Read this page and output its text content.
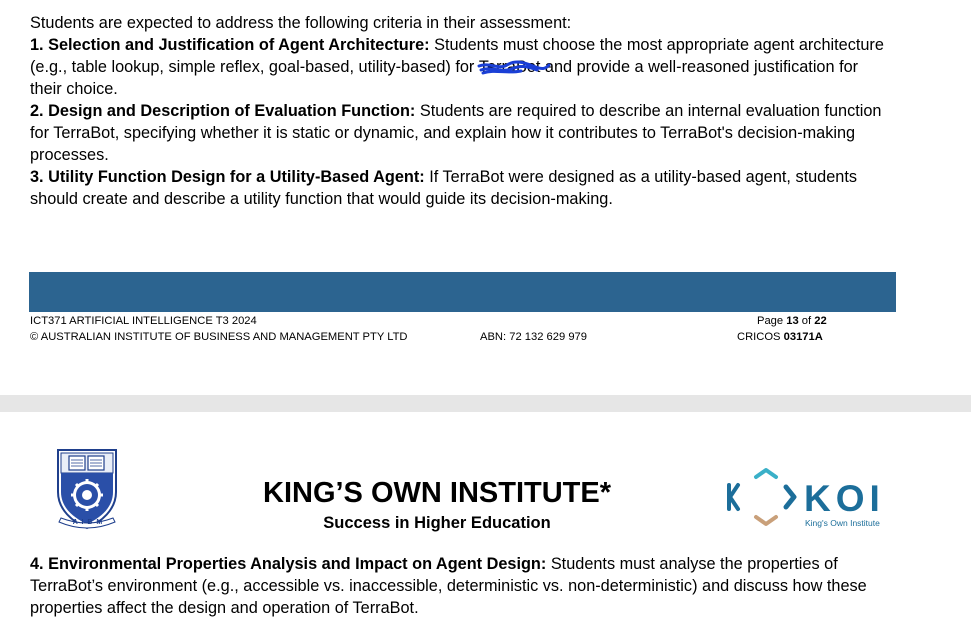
Students are expected to address the following criteria in their assessment:

1. Selection and Justification of Agent Architecture: Students must choose the most appropriate agent architecture (e.g., table lookup, simple reflex, goal-based, utility-based) for TerraBot
and provide a well-reasoned justification for their choice.

2. Design and Description of Evaluation Function: Students are required to describe an internal evaluation function for TerraBot, specifying whether it is static or dynamic, and explain how it contributes to TerraBot's decision-making processes.

3. Utility Function Design for a Utility-Based Agent: If TerraBot were designed as a utility-based agent, students should create and describe a utility function that would guide its decision-making.

ICT371 ARTIFICIAL INTELLIGENCE T3 2024
© AUSTRALIAN INSTITUTE OF BUSINESS AND MANAGEMENT PTY LTD	ABN: 72 132 629 979
Page 13 of 22
CRICOS 03171A
A I B M
KING’S OWN INSTITUTE*
Success in Higher Education
KOI
King's Own Institute

4. Environmental Properties Analysis and Impact on Agent Design: Students must analyse the properties of TerraBot’s environment (e.g., accessible vs. inaccessible, deterministic vs. non-deterministic) and discuss how these properties affect the design and operation of TerraBot.
